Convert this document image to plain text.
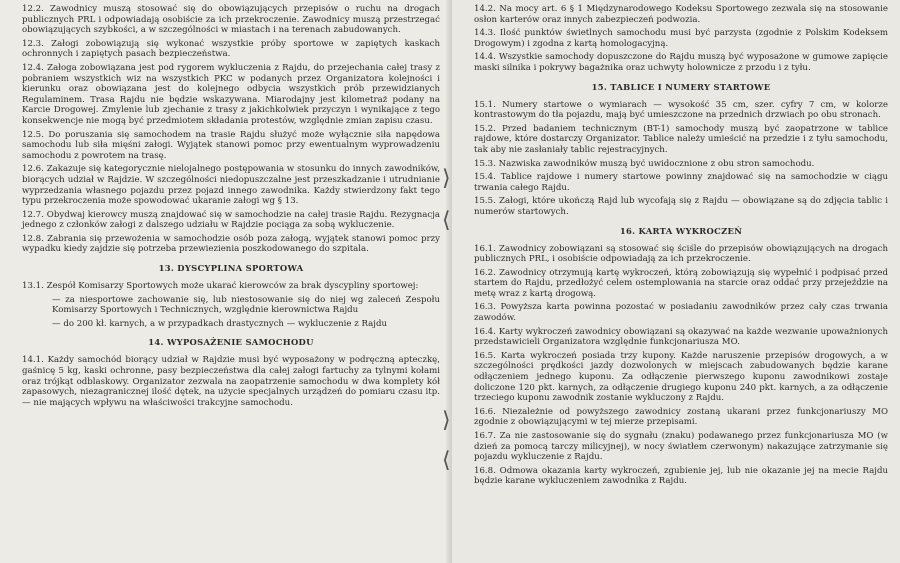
12.2. Zawodnicy muszą stosować się do obowiązujących przepisów o ruchu na drogach publicznych PRL i odpowiadają osobiście za ich przekroczenie. Zawodnicy muszą przestrzegać obowiązujących szybkości, a w szczególności w miastach i na terenach zabudowanych.

12.3. Załogi zobowiązują się wykonać wszystkie próby sportowe w zapiętych kaskach ochronnych i zapiętych pasach bezpieczeństwa.

12.4. Załoga zobowiązana jest pod rygorem wykluczenia z Rajdu, do przejechania całej trasy z pobraniem wszystkich wiz na wszystkich PKC w podanych przez Organizatora kolejności i kierunku oraz obowiązana jest do kolejnego odbycia wszystkich prób przewidzianych Regulaminem. Trasa Rajdu nie będzie wskazywana. Miarodajny jest kilometraż podany na Karcie Drogowej. Zmylenie lub zjechanie z trasy z jakichkolwiek przyczyn i wynikające z tego konsekwencje nie mogą być przedmiotem składania protestów, względnie zmian zapisu czasu.

12.5. Do poruszania się samochodem na trasie Rajdu służyć może wyłącznie siła napędowa samochodu lub siła mięśni załogi. Wyjątek stanowi pomoc przy ewentualnym wyprowadzeniu samochodu z powrotem na trasę.

12.6. Zakazuje się kategorycznie nielojalnego postępowania w stosunku do innych zawodników, biorących udział w Rajdzie. W szczególności niedopuszczalne jest przeszkadzanie i utrudnianie wyprzedzania własnego pojazdu przez pojazd innego zawodnika. Każdy stwierdzony fakt tego typu przekroczenia może spowodować ukaranie załogi wg § 13.

12.7. Obydwaj kierowcy muszą znajdować się w samochodzie na całej trasie Rajdu. Rezygnacja jednego z członków załogi z dalszego udziału w Rajdzie pociąga za sobą wykluczenie.

12.8. Zabrania się przewożenia w samochodzie osób poza załogą, wyjątek stanowi pomoc przy wypadku kiedy zajdzie się potrzeba przewiezienia poszkodowanego do szpitala.

13. DYSCYPLINA SPORTOWA

13.1. Zespół Komisarzy Sportowych może ukarać kierowców za brak dyscypliny sportowej:

— za niesportowe zachowanie się, lub niestosowanie się do niej wg zaleceń Zespołu Komisarzy Sportowych i Technicznych, względnie kierownictwa Rajdu

— do 200 kł. karnych, a w przypadkach drastycznych — wykluczenie z Rajdu

14. WYPOSAŻENIE SAMOCHODU

14.1. Każdy samochód biorący udział w Rajdzie musi być wyposażony w podręczną apteczkę, gaśnicę 5 kg, kaski ochronne, pasy bezpieczeństwa dla całej załogi fartuchy za tylnymi kołami oraz trójkąt odblaskowy. Organizator zezwala na zaopatrzenie samochodu w dwa komplety kół zapasowych, niezagranicznej ilość dętek, na użycie specjalnych urządzeń do pomiaru czasu itp. — nie mających wpływu na właściwości trakcyjne samochodu.

⟩
⟨
⟩
⟨

14.2. Na mocy art. 6 § 1 Międzynarodowego Kodeksu Sportowego zezwala się na stosowanie osłon karterów oraz innych zabezpieczeń podwozia.

14.3. Ilość punktów świetlnych samochodu musi być parzysta (zgodnie z Polskim Kodeksem Drogowym) i zgodna z kartą homologacyjną.

14.4. Wszystkie samochody dopuszczone do Rajdu muszą być wyposażone w gumowe zapięcie maski silnika i pokrywy bagażnika oraz uchwyty holownicze z przodu i z tyłu.

15. TABLICE I NUMERY STARTOWE

15.1. Numery startowe o wymiarach — wysokość 35 cm, szer. cyfry 7 cm, w kolorze kontrastowym do tła pojazdu, mają być umieszczone na przednich drzwiach po obu stronach.

15.2. Przed badaniem technicznym (BT-1) samochody muszą być zaopatrzone w tablice rajdowe, które dostarczy Organizator. Tablice należy umieścić na przedzie i z tyłu samochodu, tak aby nie zasłaniały tablic rejestracyjnych.

15.3. Nazwiska zawodników muszą być uwidocznione z obu stron samochodu.

15.4. Tablice rajdowe i numery startowe powinny znajdować się na samochodzie w ciągu trwania całego Rajdu.

15.5. Załogi, które ukończą Rajd lub wycofają się z Rajdu — obowiązane są do zdjęcia tablic i numerów startowych.

16. KARTA WYKROCZEŃ

16.1. Zawodnicy zobowiązani są stosować się ściśle do przepisów obowiązujących na drogach publicznych PRL, i osobiście odpowiadają za ich przekroczenie.

16.2. Zawodnicy otrzymują kartę wykroczeń, którą zobowiązują się wypełnić i podpisać przed startem do Rajdu, przedłożyć celem ostemplowania na starcie oraz oddać przy przejeździe na metę wraz z kartą drogową.

16.3. Powyższa karta powinna pozostać w posiadaniu zawodników przez cały czas trwania zawodów.

16.4. Karty wykroczeń zawodnicy obowiązani są okazywać na każde wezwanie upoważnionych przedstawicieli Organizatora względnie funkcjonariusza MO.

16.5. Karta wykroczeń posiada trzy kupony. Każde naruszenie przepisów drogowych, a w szczególności prędkości jazdy dozwolonych w miejscach zabudowanych będzie karane odłączeniem jednego kuponu. Za odłączenie pierwszego kuponu zawodnikowi zostaje doliczone 120 pkt. karnych, za odłączenie drugiego kuponu 240 pkt. karnych, a za odłączenie trzeciego kuponu zawodnik zostanie wykluczony z Rajdu.

16.6. Niezależnie od powyższego zawodnicy zostaną ukarani przez funkcjonariuszy MO zgodnie z obowiązującymi w tej mierze przepisami.

16.7. Za nie zastosowanie się do sygnału (znaku) podawanego przez funkcjonariusza MO (w dzień za pomocą tarczy milicyjnej), w nocy światłem czerwonym) nakazujące zatrzymanie się pojazdu wykluczenie z Rajdu.

16.8. Odmowa okazania karty wykroczeń, zgubienie jej, lub nie okazanie jej na mecie Rajdu będzie karane wykluczeniem zawodnika z Rajdu.
